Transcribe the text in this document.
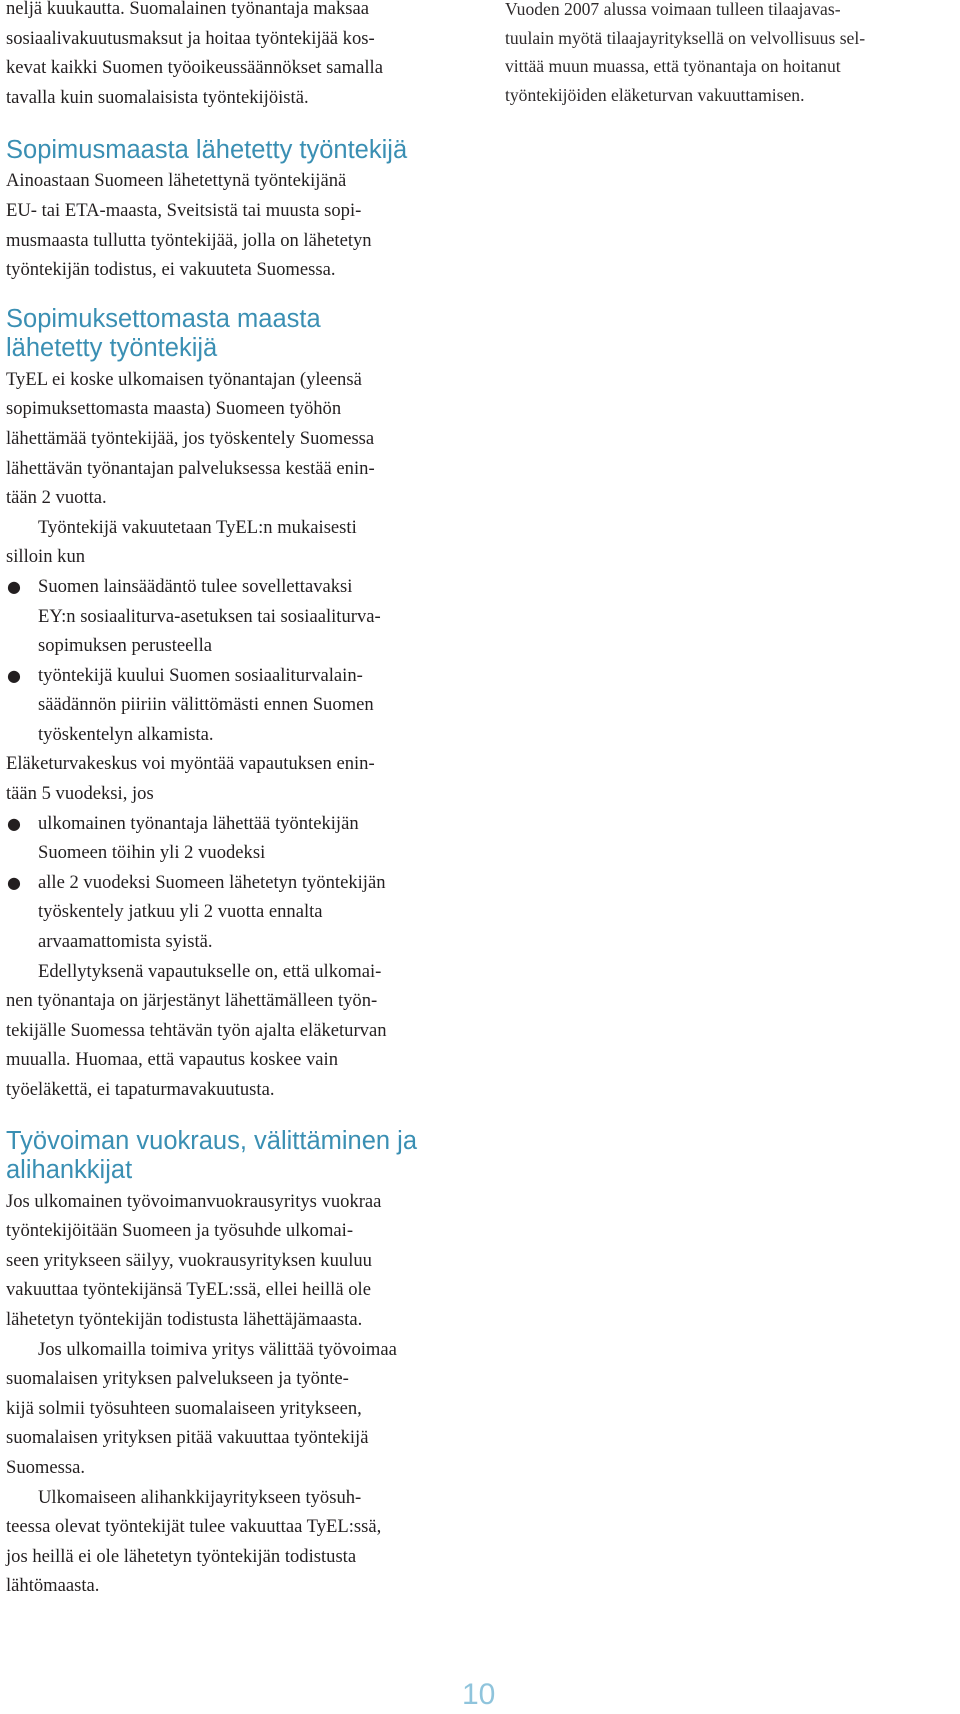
neljä kuukautta. Suomalainen työnantaja maksaa
sosiaalivakuutusmaksut ja hoitaa työntekijää kos-
kevat kaikki Suomen työoikeussäännökset samalla
tavalla kuin suomalaisista työntekijöistä.

Sopimusmaasta lähetetty työntekijä

Ainoastaan Suomeen lähetettynä työntekijänä
EU- tai ETA-maasta, Sveitsistä tai muusta sopi-
musmaasta tullutta työntekijää, jolla on lähetetyn
työntekijän todistus, ei vakuuteta Suomessa.

Sopimuksettomasta maasta
lähetetty työntekijä

TyEL ei koske ulkomaisen työnantajan (yleensä
sopimuksettomasta maasta) Suomeen työhön
lähettämää työntekijää, jos työskentely Suomessa
lähettävän työnantajan palveluksessa kestää enin-
tään 2 vuotta.

Työntekijä vakuutetaan TyEL:n mukaisesti
silloin kun

● Suomen lainsäädäntö tulee sovellettavaksi
EY:n sosiaaliturva-asetuksen tai sosiaaliturva-
sopimuksen perusteella
● työntekijä kuului Suomen sosiaaliturvalain-
säädännön piiriin välittömästi ennen Suomen
työskentelyn alkamista.

Eläketurvakeskus voi myöntää vapautuksen enin-
tään 5 vuodeksi, jos

● ulkomainen työnantaja lähettää työntekijän
Suomeen töihin yli 2 vuodeksi
● alle 2 vuodeksi Suomeen lähetetyn työntekijän
työskentely jatkuu yli 2 vuotta ennalta
arvaamattomista syistä.

Edellytyksenä vapautukselle on, että ulkomai-
nen työnantaja on järjestänyt lähettämälleen työn-
tekijälle Suomessa tehtävän työn ajalta eläketurvan
muualla. Huomaa, että vapautus koskee vain
työeläkettä, ei tapaturmavakuutusta.

Työvoiman vuokraus, välittäminen ja
alihankkijat

Jos ulkomainen työvoimanvuokrausyritys vuokraa
työntekijöitään Suomeen ja työsuhde ulkomai-
seen yritykseen säilyy, vuokrausyrityksen kuuluu
vakuuttaa työntekijänsä TyEL:ssä, ellei heillä ole
lähetetyn työntekijän todistusta lähettäjämaasta.

Jos ulkomailla toimiva yritys välittää työvoimaa
suomalaisen yrityksen palvelukseen ja työnte-
kijä solmii työsuhteen suomalaiseen yritykseen,
suomalaisen yrityksen pitää vakuuttaa työntekijä
Suomessa.

Ulkomaiseen alihankkijayritykseen työsuh-
teessa olevat työntekijät tulee vakuuttaa TyEL:ssä,
jos heillä ei ole lähetetyn työntekijän todistusta
lähtömaasta.

Vuoden 2007 alussa voimaan tulleen tilaajavas-
tuulain myötä tilaajayrityksellä on velvollisuus sel-
vittää muun muassa, että työnantaja on hoitanut
työntekijöiden eläketurvan vakuuttamisen.

10
